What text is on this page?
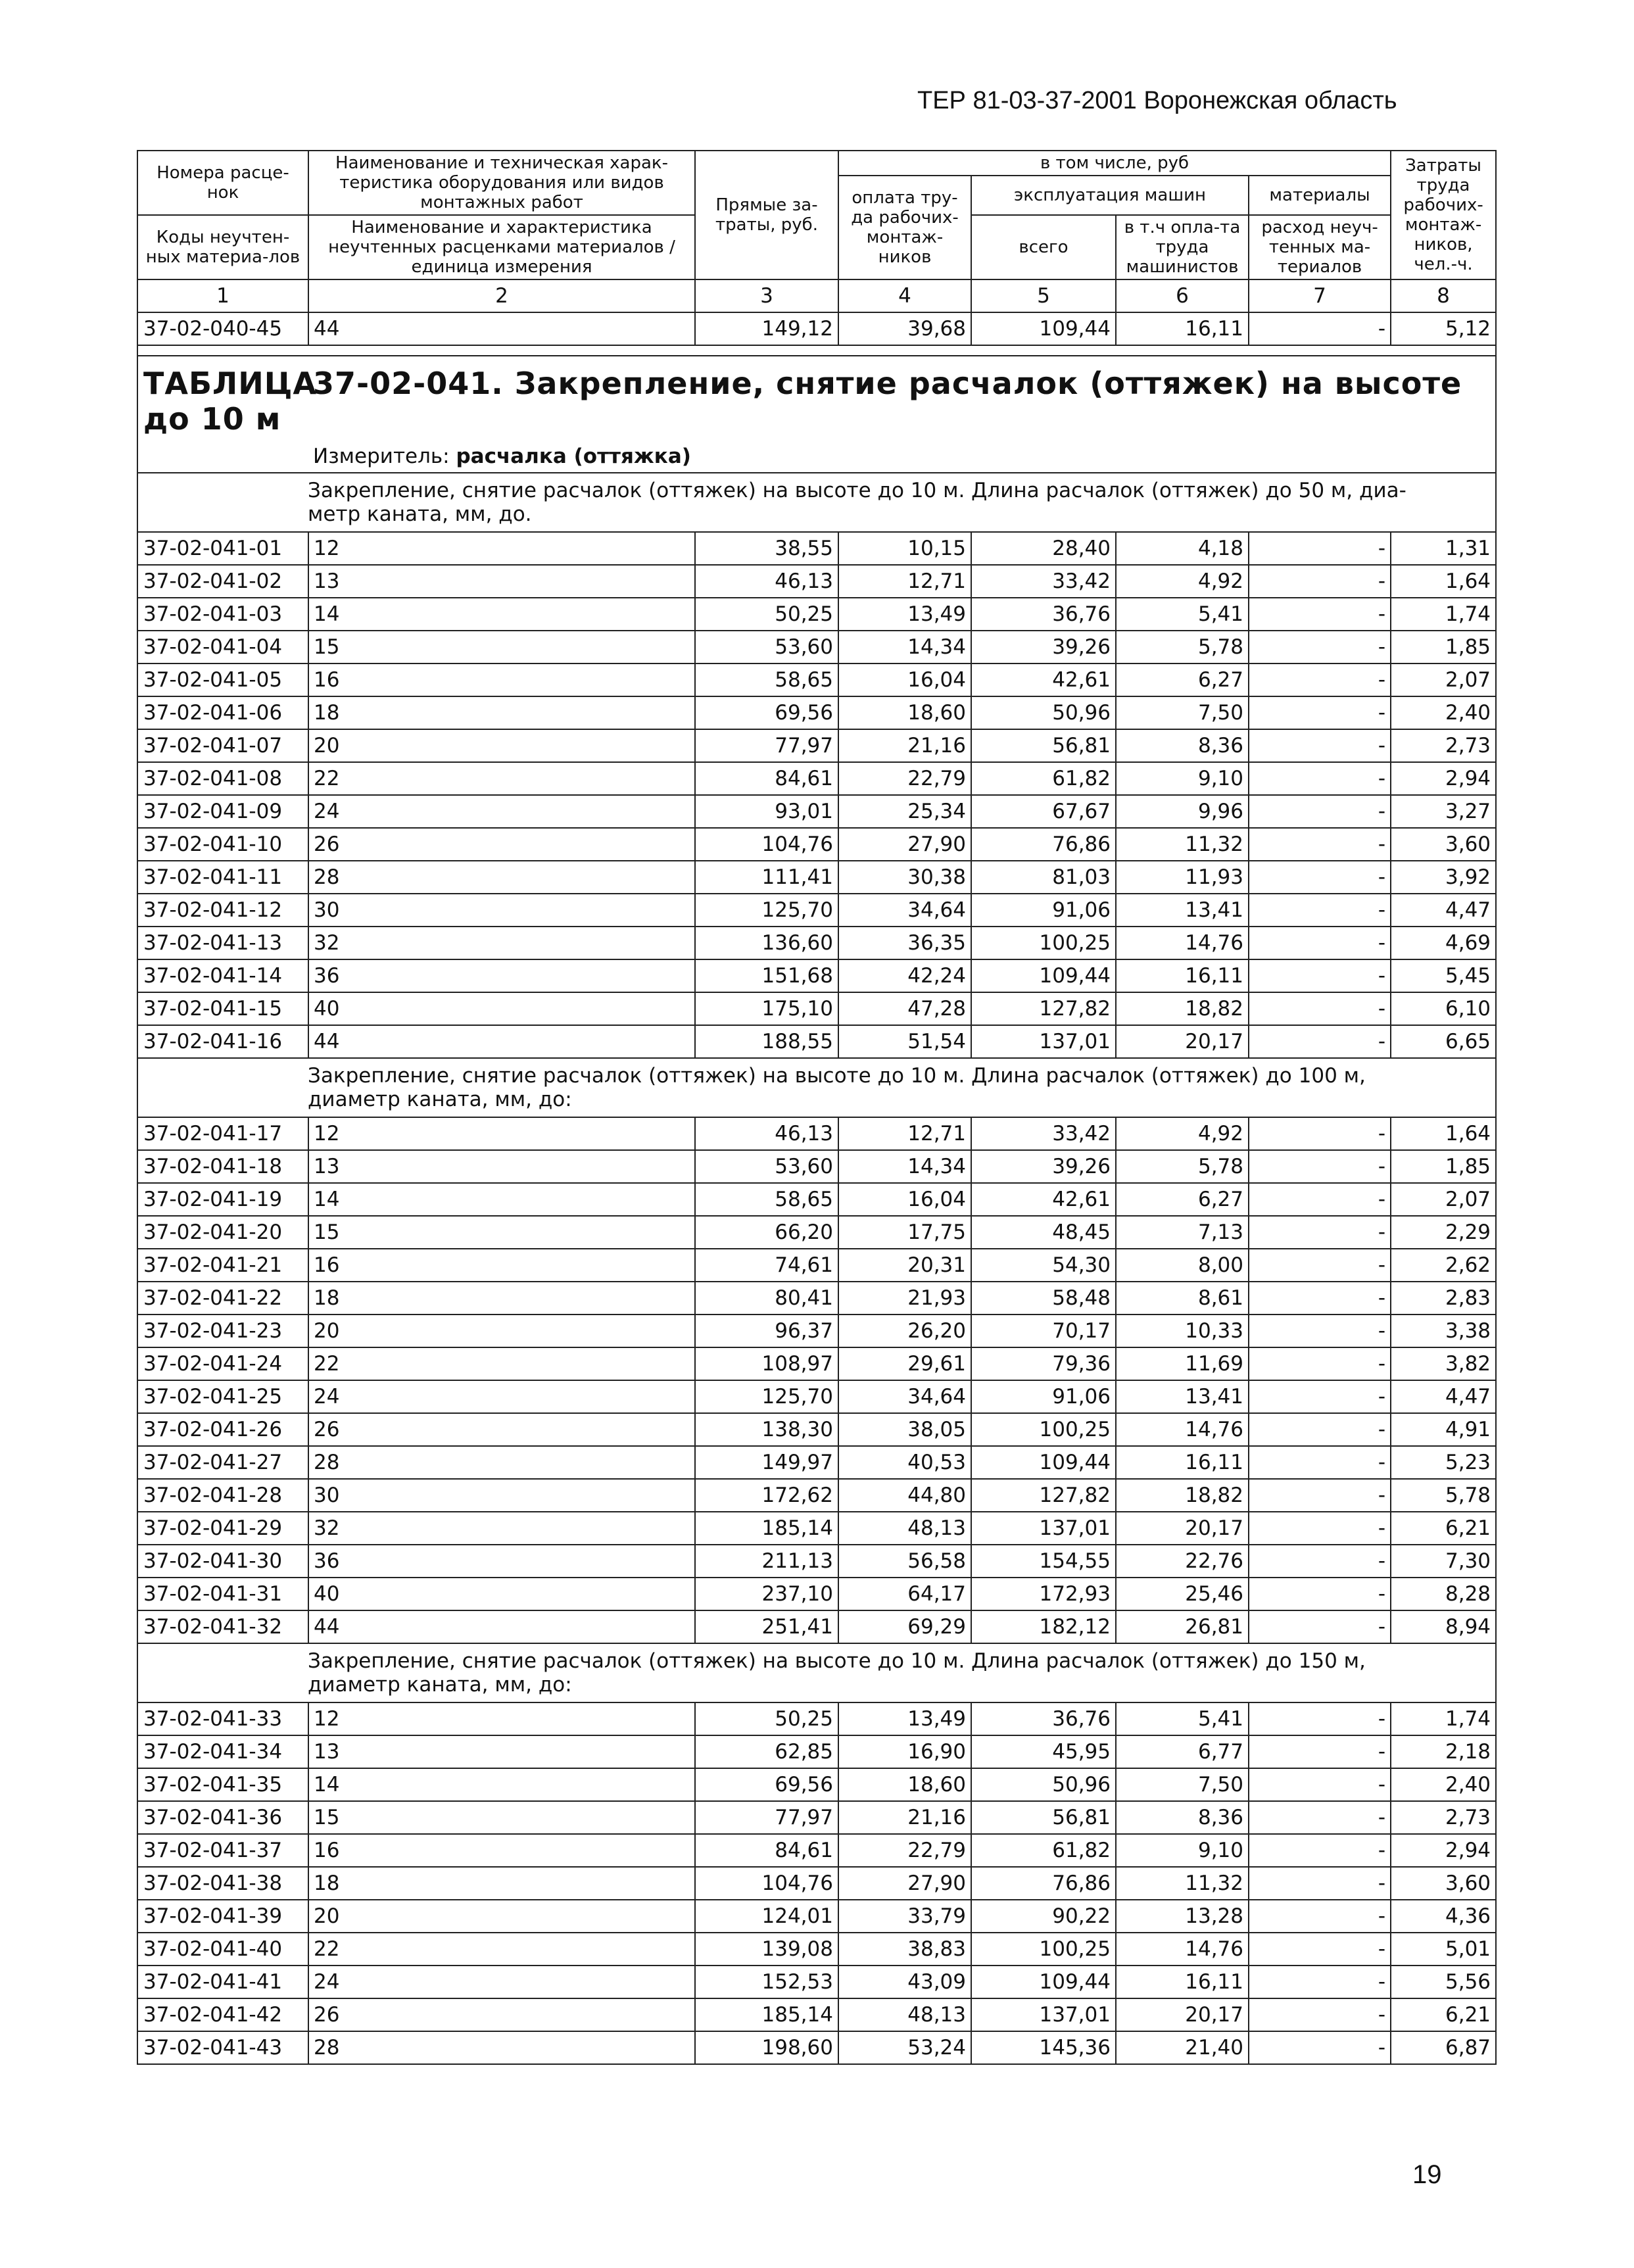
ТЕР 81-03-37-2001 Воронежская область
Номера расце-нок	Наименование и техническая харак-теристика оборудования или видов монтажных работ	Прямые за-траты, руб.	в том числе, руб				Затраты труда рабочих-монтаж-ников, чел.-ч.
			оплата тру-да рабочих-монтаж-ников	эксплуатация машин		материалы	
Коды неучтен-ных материа-лов	Наименование и характеристика неучтенных расценками материалов / единица измерения			всего	в т.ч опла-та труда машинистов	расход неуч-тенных ма-териалов	
1	2	3	4	5	6	7	8
37-02-040-45	44	149,12	39,68	109,44	16,11	-	5,12

ТАБЛИЦА37-02-041. Закрепление, снятие расчалок (оттяжек) на высоте до 10 м
Измеритель: расчалка (оттяжка)							

Закрепление, снятие расчалок (оттяжек) на высоте до 10 м. Длина расчалок (оттяжек) до 50 м, диа-метр каната, мм, до.							
37-02-041-01	12	38,55	10,15	28,40	4,18	-	1,31
37-02-041-02	13	46,13	12,71	33,42	4,92	-	1,64
37-02-041-03	14	50,25	13,49	36,76	5,41	-	1,74
37-02-041-04	15	53,60	14,34	39,26	5,78	-	1,85
37-02-041-05	16	58,65	16,04	42,61	6,27	-	2,07
37-02-041-06	18	69,56	18,60	50,96	7,50	-	2,40
37-02-041-07	20	77,97	21,16	56,81	8,36	-	2,73
37-02-041-08	22	84,61	22,79	61,82	9,10	-	2,94
37-02-041-09	24	93,01	25,34	67,67	9,96	-	3,27
37-02-041-10	26	104,76	27,90	76,86	11,32	-	3,60
37-02-041-11	28	111,41	30,38	81,03	11,93	-	3,92
37-02-041-12	30	125,70	34,64	91,06	13,41	-	4,47
37-02-041-13	32	136,60	36,35	100,25	14,76	-	4,69
37-02-041-14	36	151,68	42,24	109,44	16,11	-	5,45
37-02-041-15	40	175,10	47,28	127,82	18,82	-	6,10
37-02-041-16	44	188,55	51,54	137,01	20,17	-	6,65
Закрепление, снятие расчалок (оттяжек) на высоте до 10 м. Длина расчалок (оттяжек) до 100 м, диаметр каната, мм, до:							
37-02-041-17	12	46,13	12,71	33,42	4,92	-	1,64
37-02-041-18	13	53,60	14,34	39,26	5,78	-	1,85
37-02-041-19	14	58,65	16,04	42,61	6,27	-	2,07
37-02-041-20	15	66,20	17,75	48,45	7,13	-	2,29
37-02-041-21	16	74,61	20,31	54,30	8,00	-	2,62
37-02-041-22	18	80,41	21,93	58,48	8,61	-	2,83
37-02-041-23	20	96,37	26,20	70,17	10,33	-	3,38
37-02-041-24	22	108,97	29,61	79,36	11,69	-	3,82
37-02-041-25	24	125,70	34,64	91,06	13,41	-	4,47
37-02-041-26	26	138,30	38,05	100,25	14,76	-	4,91
37-02-041-27	28	149,97	40,53	109,44	16,11	-	5,23
37-02-041-28	30	172,62	44,80	127,82	18,82	-	5,78
37-02-041-29	32	185,14	48,13	137,01	20,17	-	6,21
37-02-041-30	36	211,13	56,58	154,55	22,76	-	7,30
37-02-041-31	40	237,10	64,17	172,93	25,46	-	8,28
37-02-041-32	44	251,41	69,29	182,12	26,81	-	8,94
Закрепление, снятие расчалок (оттяжек) на высоте до 10 м. Длина расчалок (оттяжек) до 150 м, диаметр каната, мм, до:							
37-02-041-33	12	50,25	13,49	36,76	5,41	-	1,74
37-02-041-34	13	62,85	16,90	45,95	6,77	-	2,18
37-02-041-35	14	69,56	18,60	50,96	7,50	-	2,40
37-02-041-36	15	77,97	21,16	56,81	8,36	-	2,73
37-02-041-37	16	84,61	22,79	61,82	9,10	-	2,94
37-02-041-38	18	104,76	27,90	76,86	11,32	-	3,60
37-02-041-39	20	124,01	33,79	90,22	13,28	-	4,36
37-02-041-40	22	139,08	38,83	100,25	14,76	-	5,01
37-02-041-41	24	152,53	43,09	109,44	16,11	-	5,56
37-02-041-42	26	185,14	48,13	137,01	20,17	-	6,21
37-02-041-43	28	198,60	53,24	145,36	21,40	-	6,87
19
